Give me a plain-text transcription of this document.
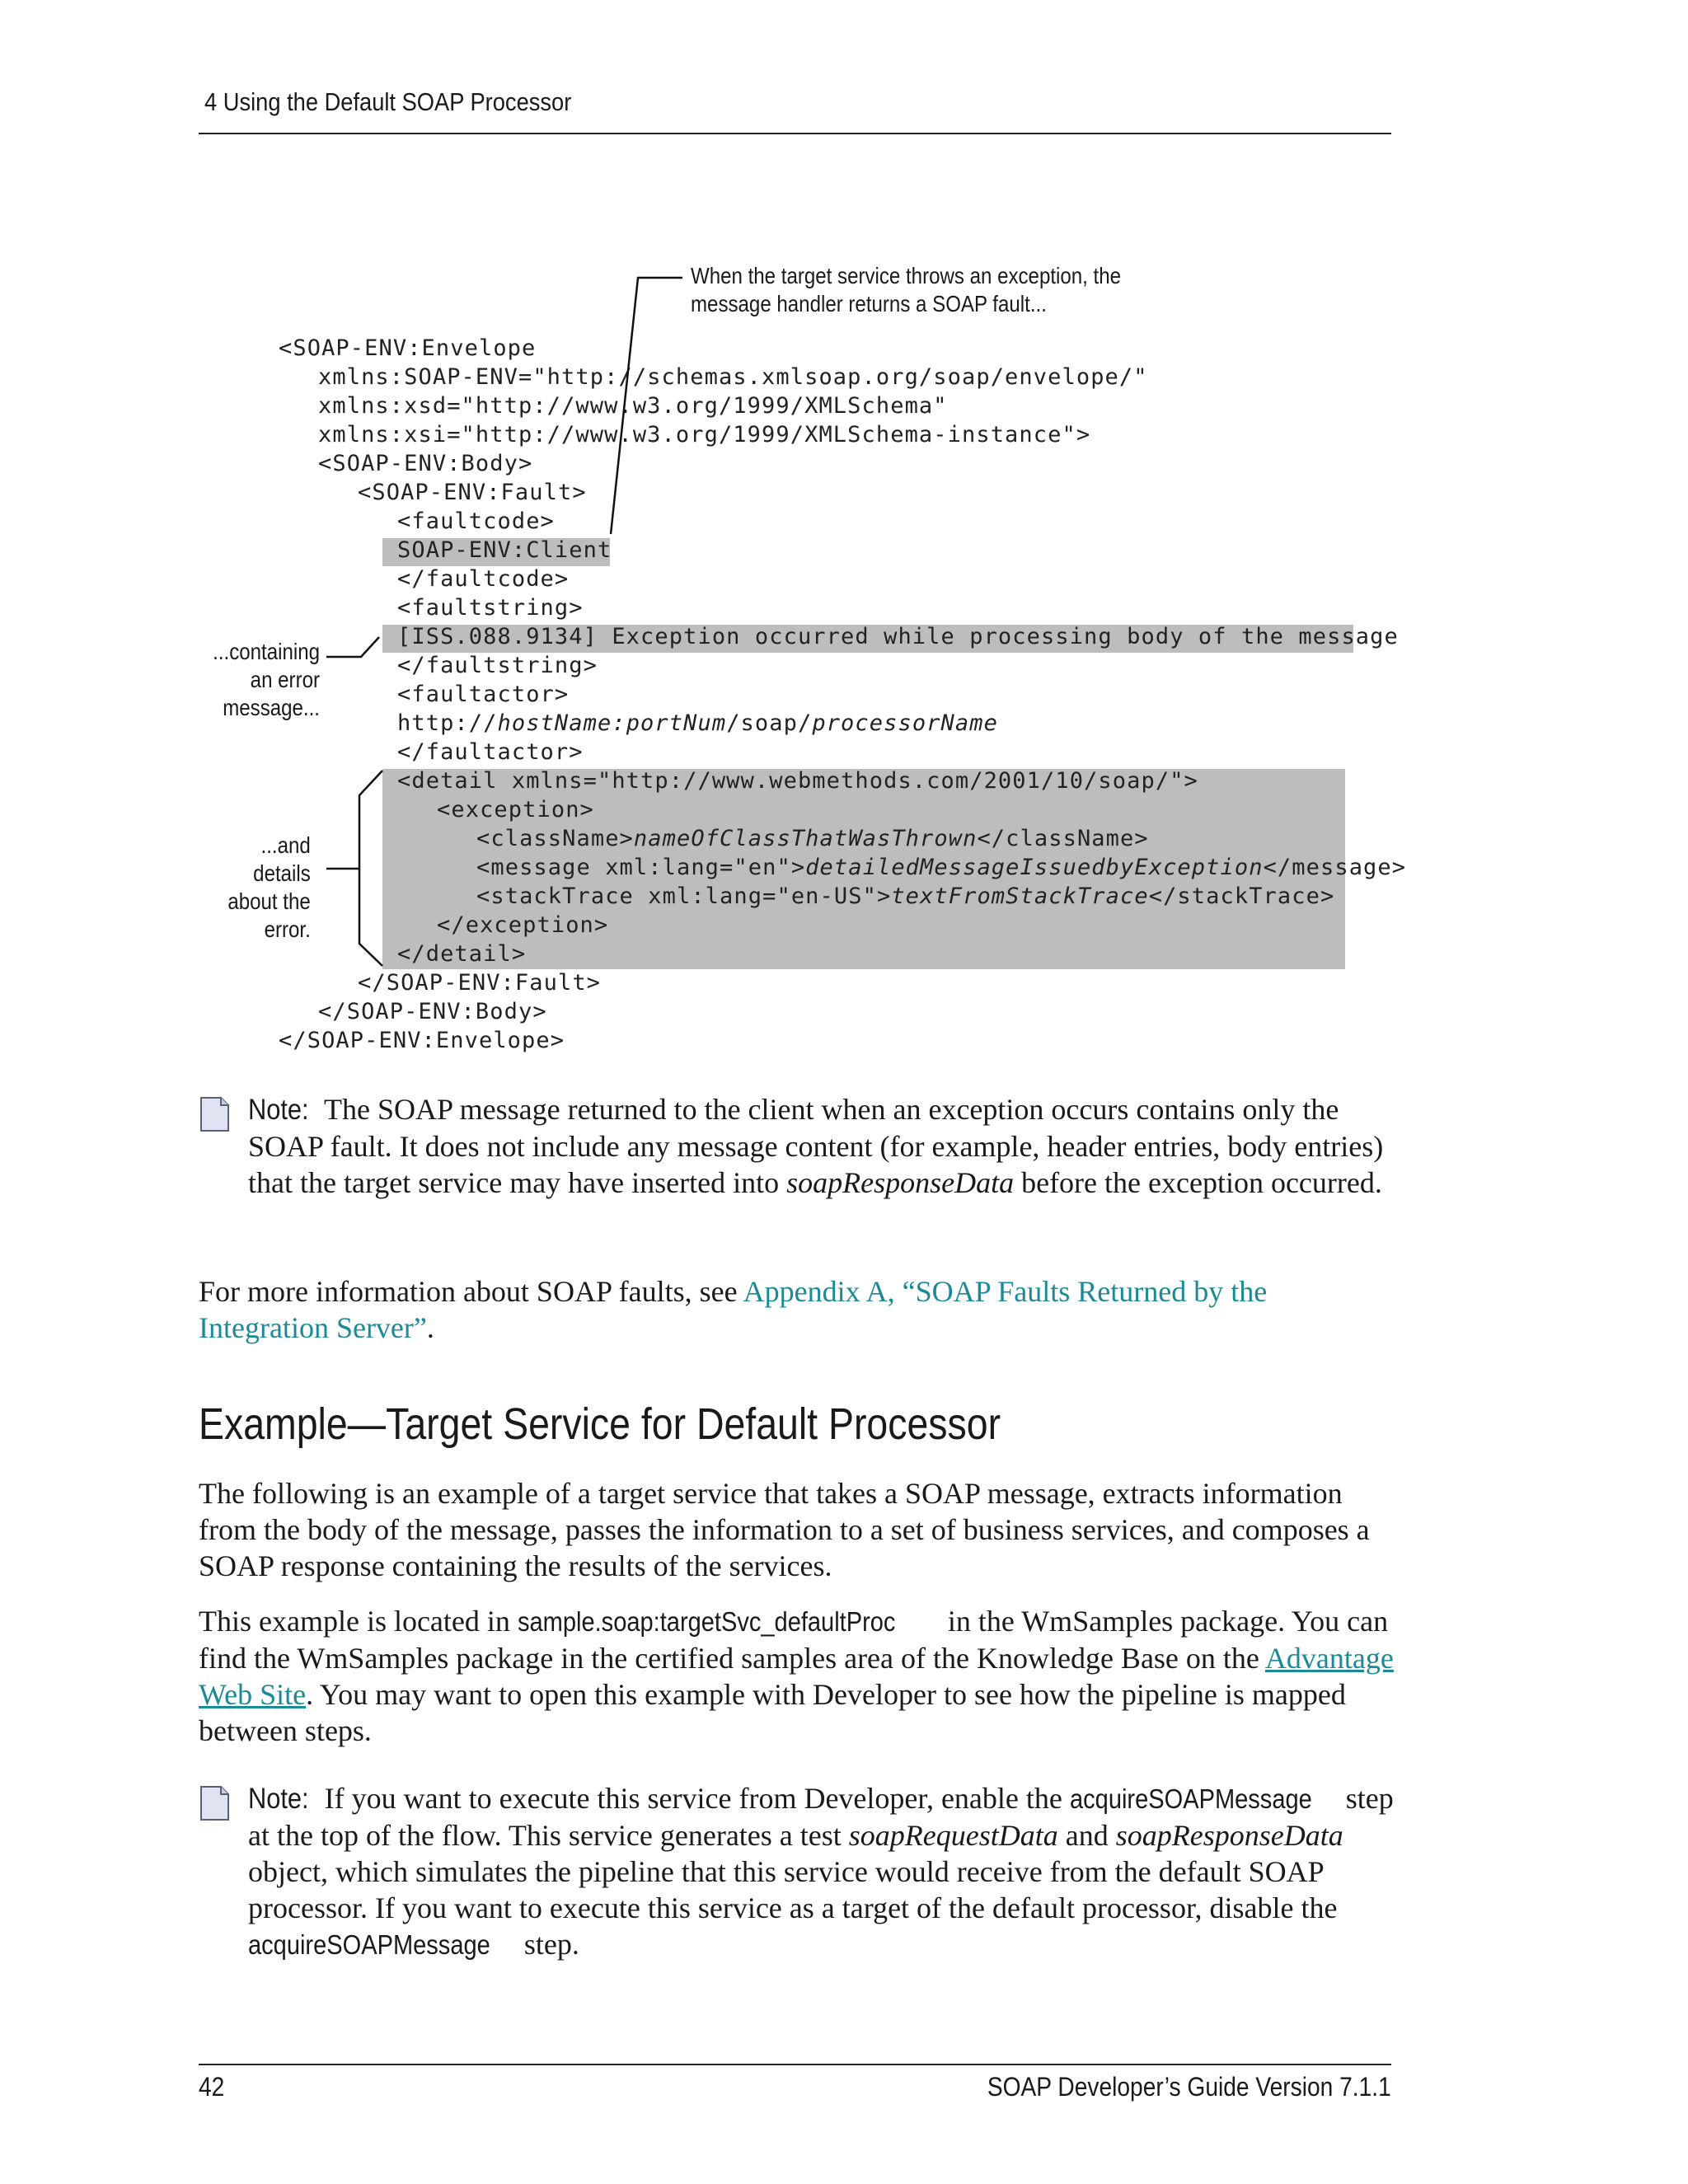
4 Using the Default SOAP Processor
When the target service throws an exception, the
message handler returns a SOAP fault...
...containing
an error
message...
...and
details
about the
error.
<SOAP-ENV:Envelope
xmlns:SOAP-ENV="http://schemas.xmlsoap.org/soap/envelope/"
xmlns:xsd="http://www.w3.org/1999/XMLSchema"
xmlns:xsi="http://www.w3.org/1999/XMLSchema-instance">
<SOAP-ENV:Body>
<SOAP-ENV:Fault>
<faultcode>
SOAP-ENV:Client
</faultcode>
<faultstring>
[ISS.088.9134] Exception occurred while processing body of the message
</faultstring>
<faultactor>
http://hostName:portNum/soap/processorName
</faultactor>
<detail xmlns="http://www.webmethods.com/2001/10/soap/">
<exception>
<className>nameOfClassThatWasThrown</className>
<message xml:lang="en">detailedMessageIssuedbyException</message>
<stackTrace xml:lang="en-US">textFromStackTrace</stackTrace>
</exception>
</detail>
</SOAP-ENV:Fault>
</SOAP-ENV:Body>
</SOAP-ENV:Envelope>
Note: The SOAP message returned to the client when an exception occurs contains only the SOAP fault. It does not include any message content (for example, header entries, body entries) that the target service may have inserted into soapResponseData before the exception occurred.
For more information about SOAP faults, see Appendix A, “SOAP Faults Returned by the Integration Server”.
Example—Target Service for Default Processor
The following is an example of a target service that takes a SOAP message, extracts information from the body of the message, passes the information to a set of business services, and composes a SOAP response containing the results of the services.
This example is located in sample.soap:targetSvc_defaultProc in the WmSamples package. You can find the WmSamples package in the certified samples area of the Knowledge Base on the Advantage Web Site. You may want to open this example with Developer to see how the pipeline is mapped between steps.
Note: If you want to execute this service from Developer, enable the acquireSOAPMessage step at the top of the flow. This service generates a test soapRequestData and soapResponseData object, which simulates the pipeline that this service would receive from the default SOAP processor. If you want to execute this service as a target of the default processor, disable the acquireSOAPMessage step.
42	SOAP Developer’s Guide Version 7.1.1
